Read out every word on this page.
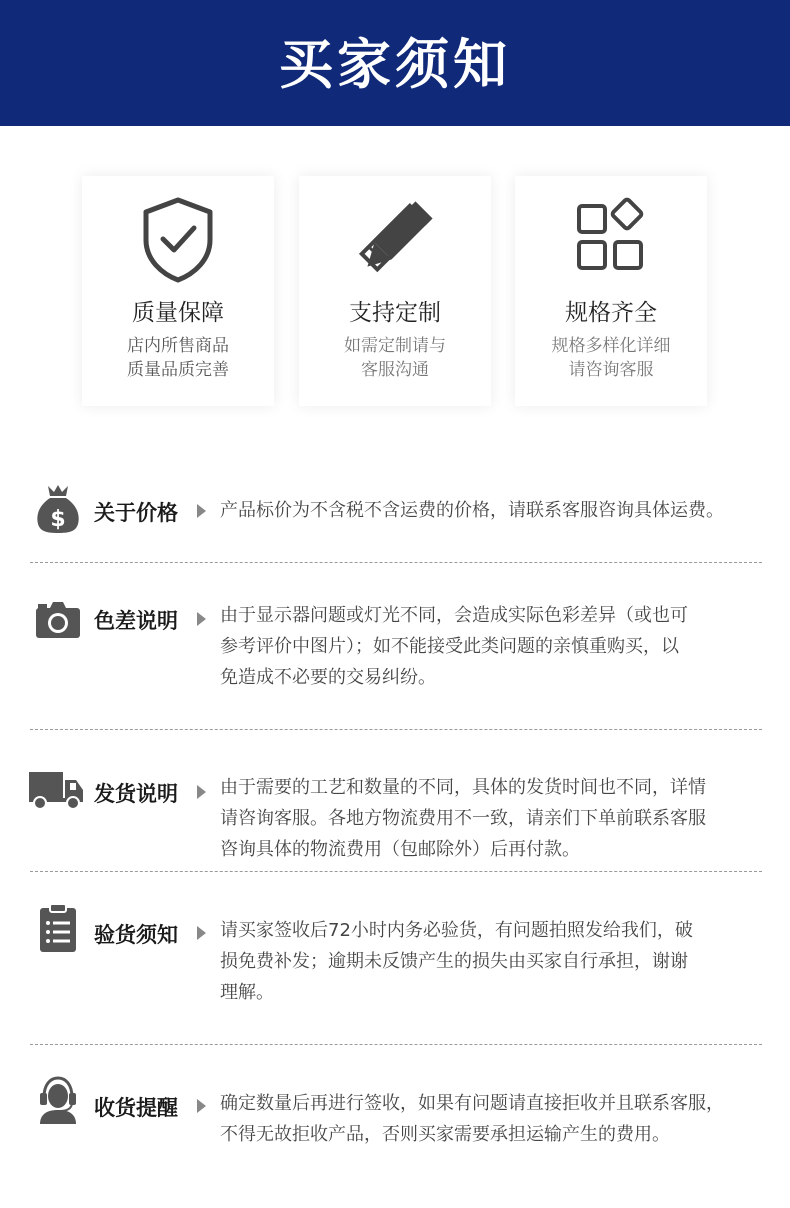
买家须知
质量保障
店内所售商品
质量品质完善
支持定制
如需定制请与
客服沟通
规格齐全
规格多样化详细
请咨询客服
$ 关于价格 产品标价为不含税不含运费的价格，请联系客服咨询具体运费。
色差说明 由于显示器问题或灯光不同，会造成实际色彩差异（或也可
参考评价中图片）；如不能接受此类问题的亲慎重购买，以
免造成不必要的交易纠纷。
发货说明 由于需要的工艺和数量的不同，具体的发货时间也不同，详情
请咨询客服。各地方物流费用不一致，请亲们下单前联系客服
咨询具体的物流费用（包邮除外）后再付款。
验货须知 请买家签收后72小时内务必验货，有问题拍照发给我们，破
损免费补发；逾期未反馈产生的损失由买家自行承担，谢谢
理解。
收货提醒 确定数量后再进行签收，如果有问题请直接拒收并且联系客服，
不得无故拒收产品，否则买家需要承担运输产生的费用。
